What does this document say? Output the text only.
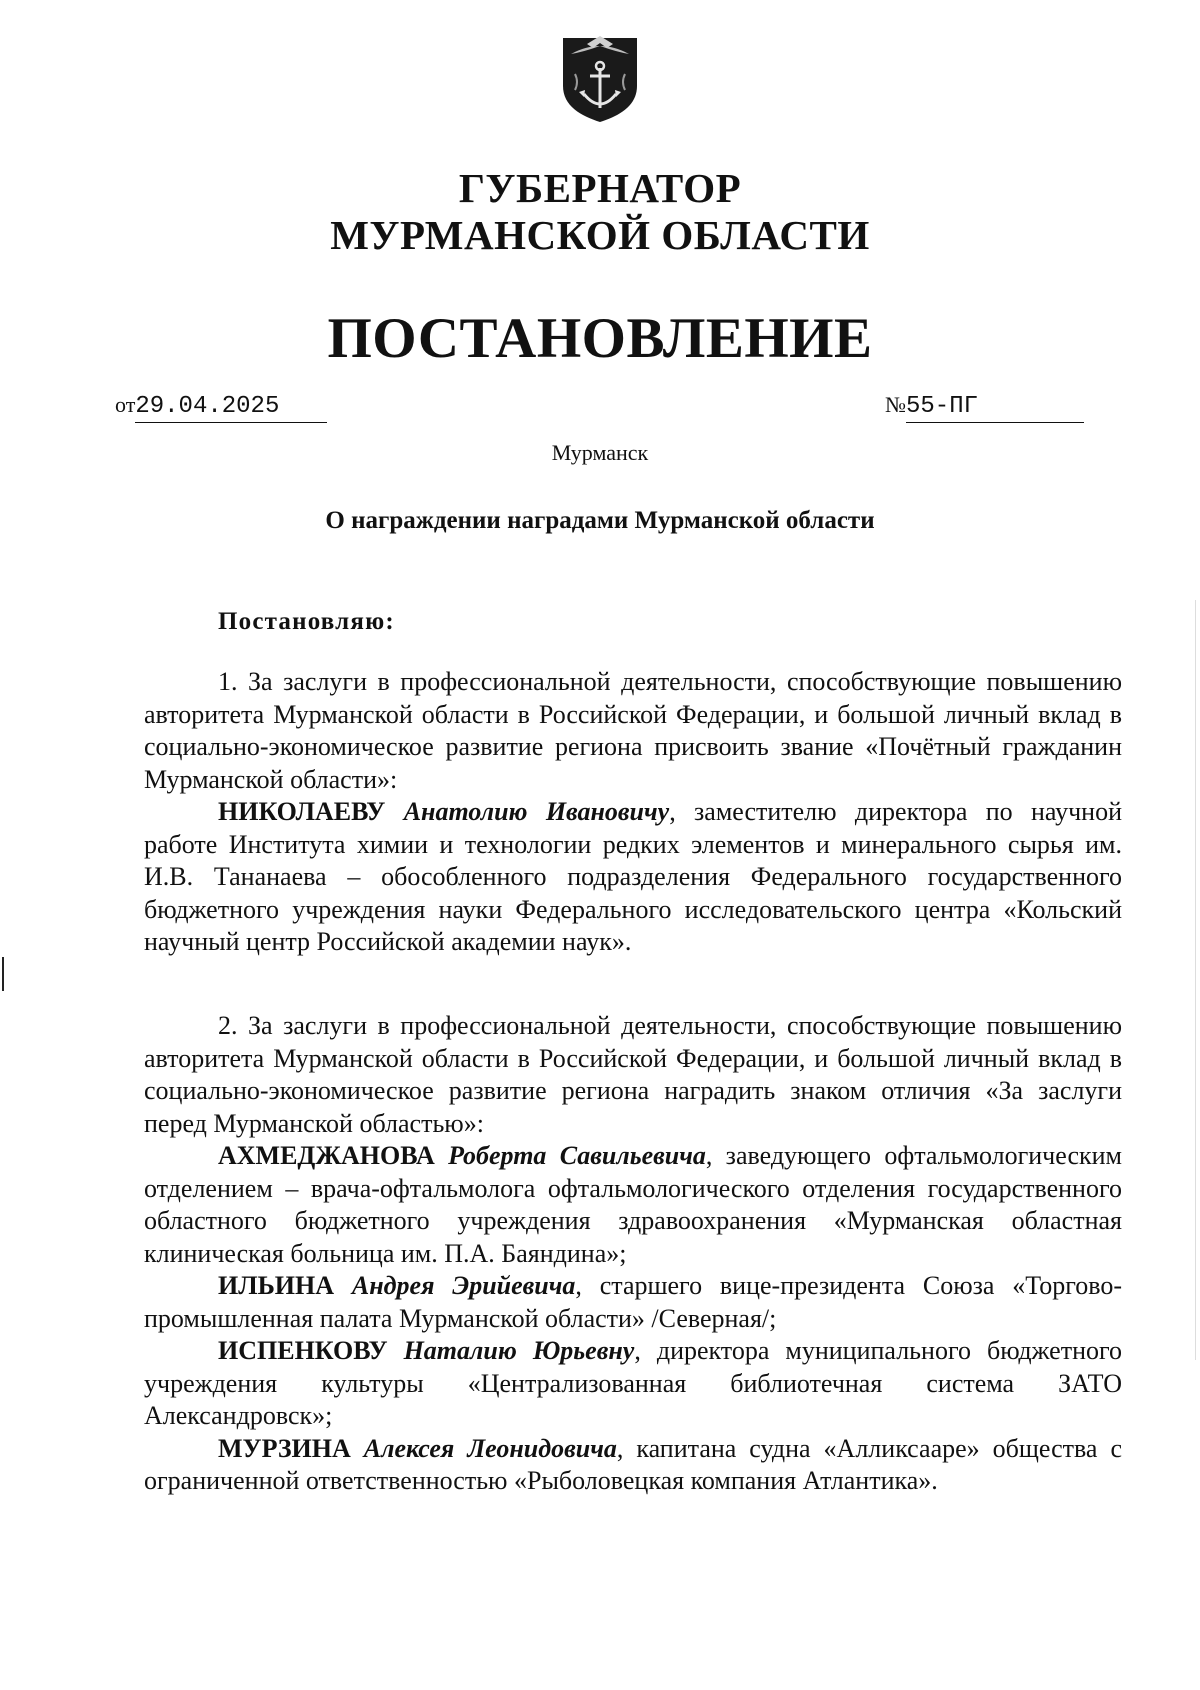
ГУБЕРНАТОР
МУРМАНСКОЙ ОБЛАСТИ
ПОСТАНОВЛЕНИЕ
от29.04.2025	№55-ПГ
Мурманск
О награждении наградами Мурманской области
Постановляю:

1. За заслуги в профессиональной деятельности, способствующие повышению авторитета Мурманской области в Российской Федерации, и большой личный вклад в социально-экономическое развитие региона присвоить звание «Почётный гражданин Мурманской области»:

НИКОЛАЕВУ Анатолию Ивановичу, заместителю директора по научной работе Института химии и технологии редких элементов и минерального сырья им. И.В. Тананаева – обособленного подразделения Федерального государственного бюджетного учреждения науки Федерального исследовательского центра «Кольский научный центр Российской академии наук».

2. За заслуги в профессиональной деятельности, способствующие повышению авторитета Мурманской области в Российской Федерации, и большой личный вклад в социально-экономическое развитие региона наградить знаком отличия «За заслуги перед Мурманской областью»:

АХМЕДЖАНОВА Роберта Савильевича, заведующего офтальмологическим отделением – врача-офтальмолога офтальмологического отделения государственного областного бюджетного учреждения здравоохранения «Мурманская областная клиническая больница им. П.А. Баяндина»;

ИЛЬИНА Андрея Эрийевича, старшего вице-президента Союза «Торгово-промышленная палата Мурманской области» /Северная/;

ИСПЕНКОВУ Наталию Юрьевну, директора муниципального бюджетного учреждения культуры «Централизованная библиотечная система ЗАТО Александровск»;

МУРЗИНА Алексея Леонидовича, капитана судна «Алликсааре» общества с ограниченной ответственностью «Рыболовецкая компания Атлантика».
